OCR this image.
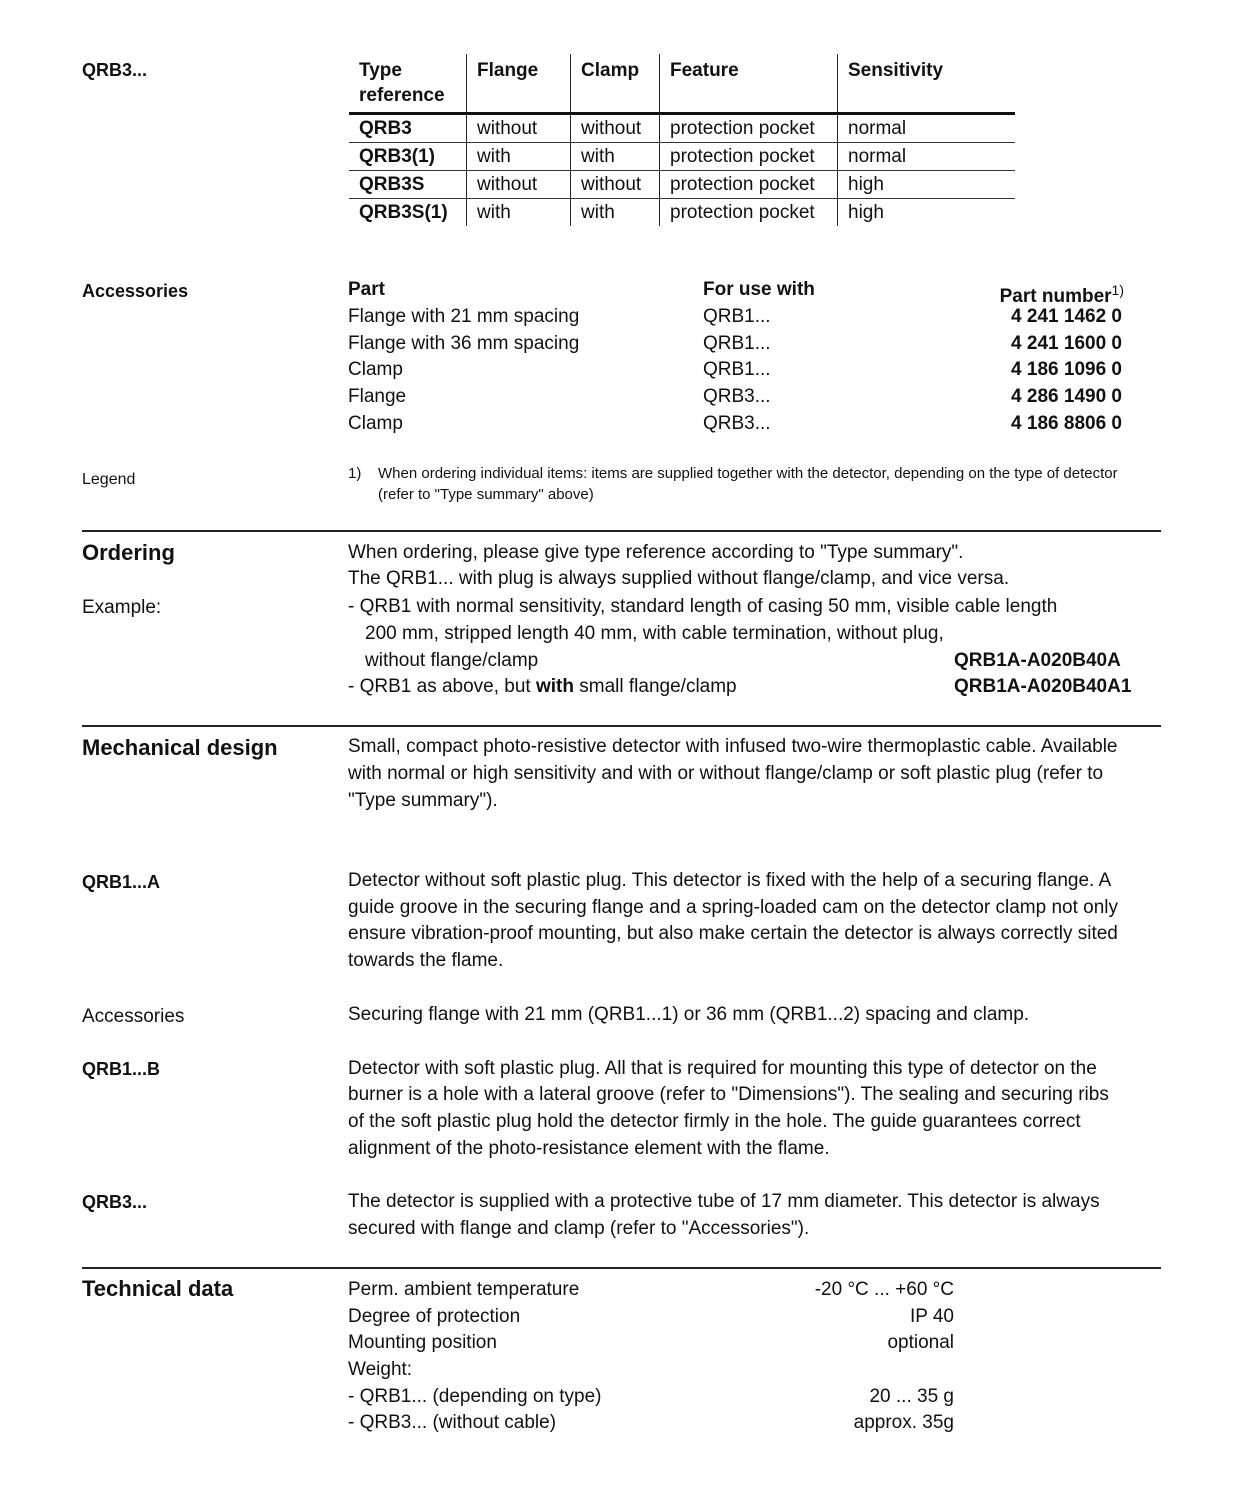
QRB3...	Type
reference	Flange	Clamp	Feature	Sensitivity
QRB3	without	without	protection pocket	normal
QRB3(1)	with	with	protection pocket	normal
QRB3S	without	without	protection pocket	high
QRB3S(1)	with	with	protection pocket	high
Accessories	Part	For use with	Part number$^{1)}$
Flange with 21 mm spacing	QRB1...	4 241 1462 0
Flange with 36 mm spacing	QRB1...	4 241 1600 0
Clamp	QRB1...	4 186 1096 0
Flange	QRB3...	4 286 1490 0
Clamp	QRB3...	4 186 8806 0
Legend	1) When ordering individual items: items are supplied together with the detector, depending on the type of detector
(refer to "Type summary" above)
Ordering	When ordering, please give type reference according to "Type summary".
The QRB1... with plug is always supplied without flange/clamp, and vice versa.
Example:	- QRB1 with normal sensitivity, standard length of casing 50 mm, visible cable length
200 mm, stripped length 40 mm, with cable termination, without plug,
without flange/clamp	QRB1A-A020B40A
- QRB1 as above, but with small flange/clamp	QRB1A-A020B40A1
Mechanical design	Small, compact photo-resistive detector with infused two-wire thermoplastic cable. Available
with normal or high sensitivity and with or without flange/clamp or soft plastic plug (refer to
"Type summary").
QRB1...A	Detector without soft plastic plug. This detector is fixed with the help of a securing flange. A
guide groove in the securing flange and a spring-loaded cam on the detector clamp not only
ensure vibration-proof mounting, but also make certain the detector is always correctly sited
towards the flame.
Accessories	Securing flange with 21 mm (QRB1...1) or 36 mm (QRB1...2) spacing and clamp.
QRB1...B	Detector with soft plastic plug. All that is required for mounting this type of detector on the
burner is a hole with a lateral groove (refer to "Dimensions"). The sealing and securing ribs
of the soft plastic plug hold the detector firmly in the hole. The guide guarantees correct
alignment of the photo-resistance element with the flame.
QRB3...	The detector is supplied with a protective tube of 17 mm diameter. This detector is always
secured with flange and clamp (refer to "Accessories").
Technical data	Perm. ambient temperature	-20 °C ... +60 °C
Degree of protection	IP 40
Mounting position	optional
Weight:
- QRB1... (depending on type)	20 ... 35 g
- QRB3... (without cable)	approx. 35g
